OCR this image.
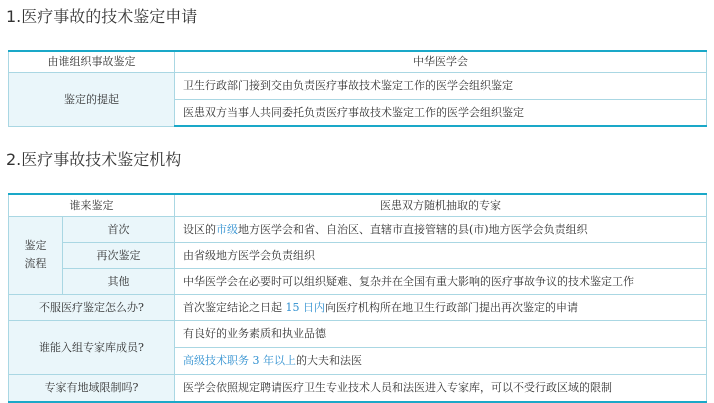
1.医疗事故的技术鉴定申请
由谁组织事故鉴定	中华医学会
鉴定的提起	卫生行政部门接到交由负责医疗事故技术鉴定工作的医学会组织鉴定
	医患双方当事人共同委托负责医疗事故技术鉴定工作的医学会组织鉴定
2.医疗事故技术鉴定机构
谁来鉴定		医患双方随机抽取的专家
鉴定
流程	首次	设区的市级地方医学会和省、自治区、直辖市直接管辖的县(市)地方医学会负责组织
	再次鉴定	由省级地方医学会负责组织
	其他	中华医学会在必要时可以组织疑难、复杂并在全国有重大影响的医疗事故争议的技术鉴定工作
不服医疗鉴定怎么办?		首次鉴定结论之日起 15 日内向医疗机构所在地卫生行政部门提出再次鉴定的申请
谁能入组专家库成员?		有良好的业务素质和执业品德
		高级技术职务 3 年以上的大夫和法医
专家有地域限制吗?		医学会依照规定聘请医疗卫生专业技术人员和法医进入专家库，可以不受行政区域的限制
